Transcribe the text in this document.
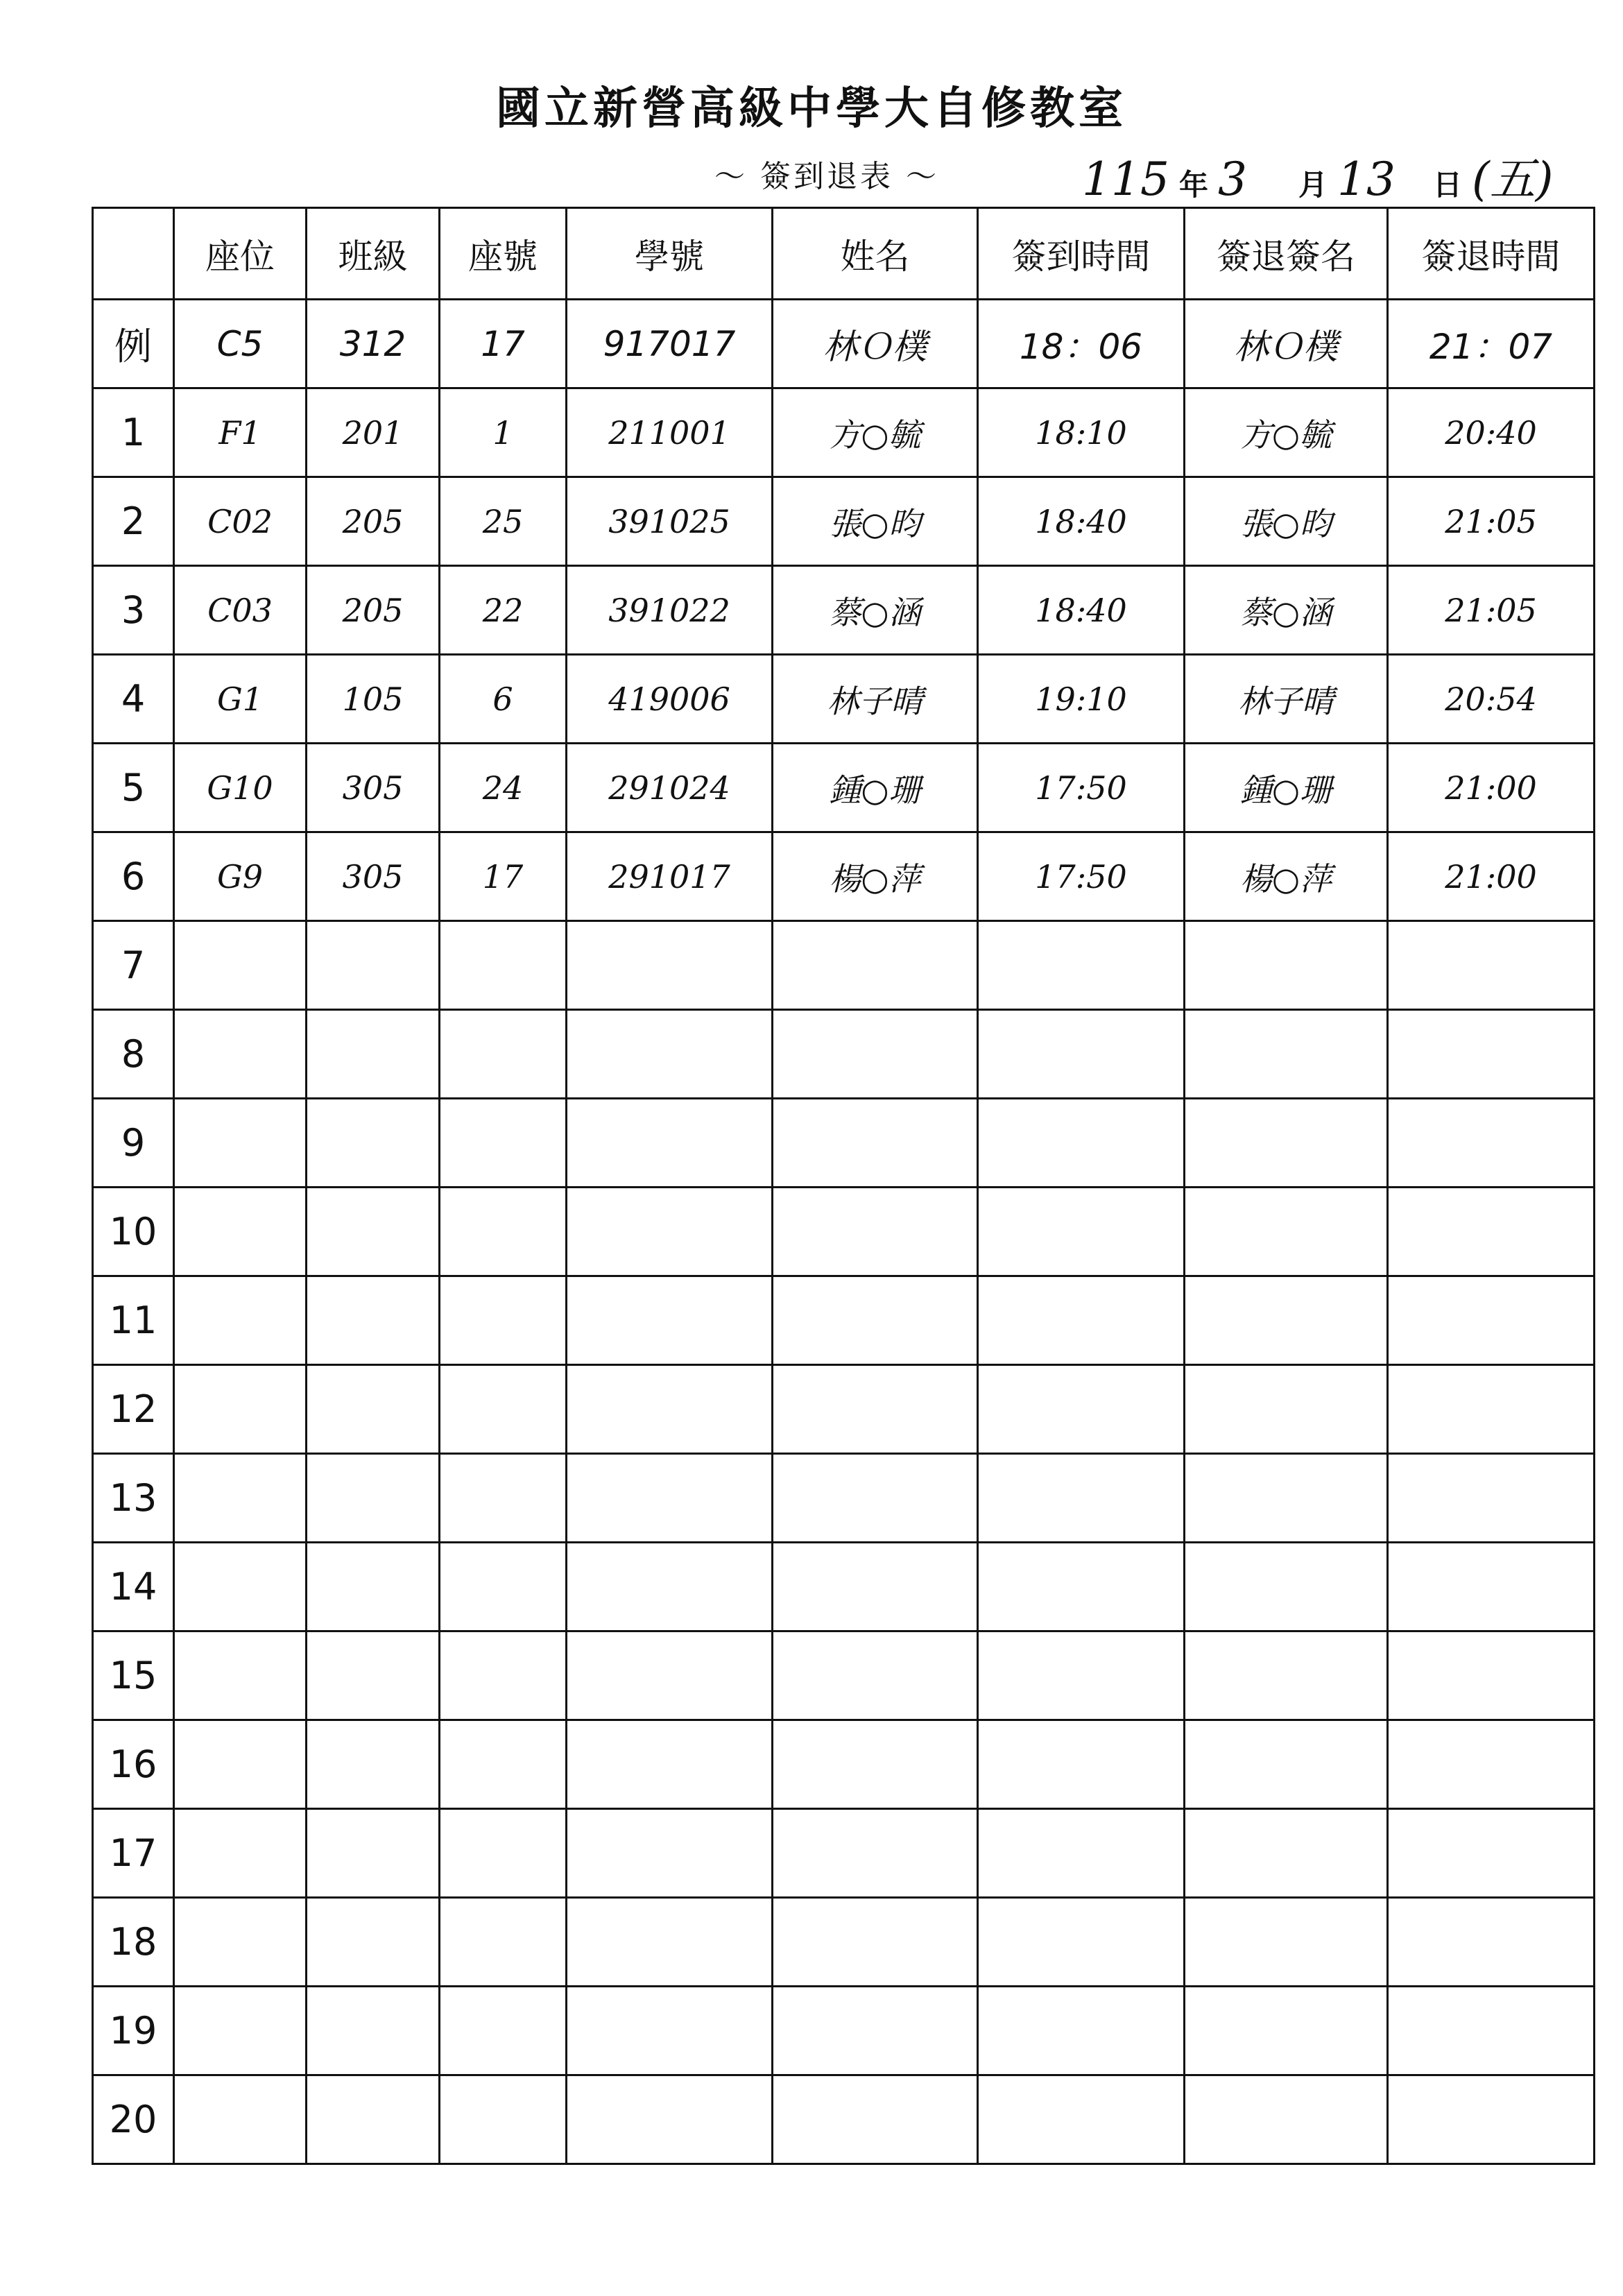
國立新營高級中學大自修教室
～ 簽到退表 ～	115 年 3 月 13 日 (五)
	座位	班級	座號	學號	姓名	簽到時間	簽退簽名	簽退時間
例	C5	312	17	917017	林Ｏ樸	18：06	林Ｏ樸	21：07
1	F1	201	1	211001	方○毓	18:10	方○毓	20:40
2	C02	205	25	391025	張○昀	18:40	張○昀	21:05
3	C03	205	22	391022	蔡○涵	18:40	蔡○涵	21:05
4	G1	105	6	419006	林子晴	19:10	林子晴	20:54
5	G10	305	24	291024	鍾○珊	17:50	鍾○珊	21:00
6	G9	305	17	291017	楊○萍	17:50	楊○萍	21:00
7								
8								
9								
10								
11								
12								
13								
14								
15								
16								
17								
18								
19								
20								
